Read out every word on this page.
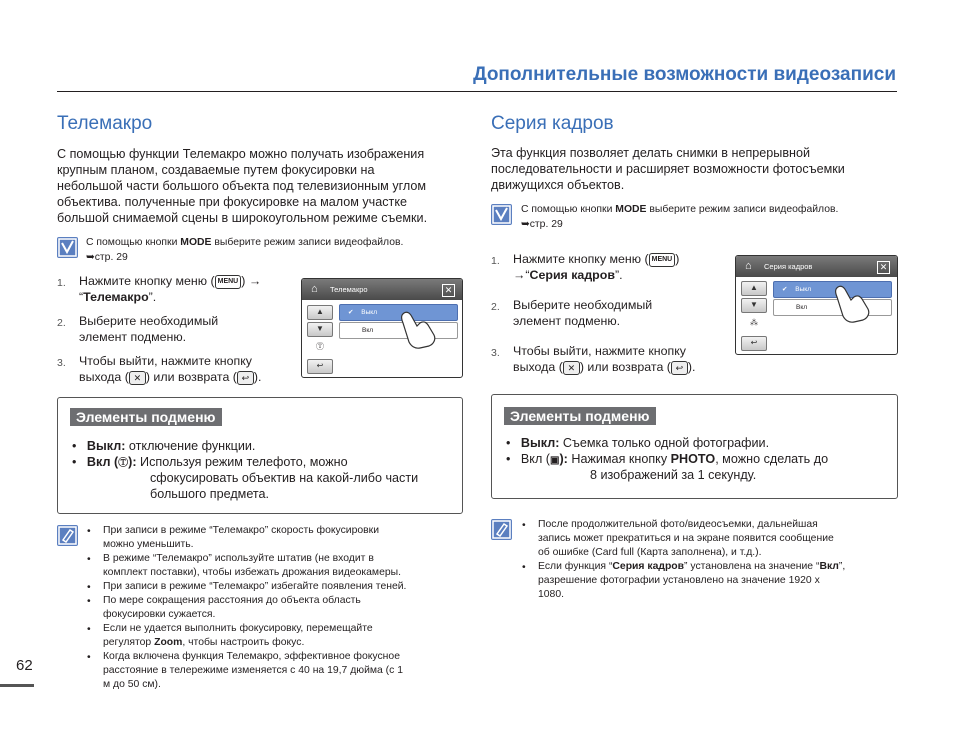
Дополнительные возможности видеозаписи
Телемакро
С помощью функции Телемакро можно получать изображения
крупным планом, создаваемые путем фокусировки на
небольшой части большого объекта под телевизионным углом
объектива. полученные при фокусировке на малом участке
большой снимаемой сцены в широкоугольном режиме съемки.
С помощью кнопки MODE выберите режим записи видеофайлов.
➥стр. 29
1. Нажмите кнопку меню ( MENU ) →
“Телемакро”.
2. Выберите необходимый
элемент подменю.
3. Чтобы выйти, нажмите кнопку
выхода ( ✕ ) или возврата ( ↩ ).
⌂ Телемакро	✕
▲
▼
✔ Выкл
Вкл
Ⓣ
↩
Элементы подменю
•   Выкл: отключение функции.
•   Вкл (Ⓣ): Используя режим телефото, можно
сфокусировать объектив на какой-либо части
большого предмета.
• При записи в режиме “Телемакро” скорость фокусировки
можно уменьшить.
• В режиме “Телемакро” используйте штатив (не входит в
комплект поставки), чтобы избежать дрожания видеокамеры.
• При записи в режиме “Телемакро” избегайте появления теней.
• По мере сокращения расстояния до объекта область
фокусировки сужается.
• Если не удается выполнить фокусировку, перемещайте
регулятор Zoom, чтобы настроить фокус.
• Когда включена функция Телемакро, эффективное фокусное
расстояние в телережиме изменяется с 40 на 19,7 дюйма (с 1
м до 50 см).
Серия кадров
Эта функция позволяет делать снимки в непрерывной
последовательности и расширяет возможности фотосъемки
движущихся объектов.
С помощью кнопки MODE выберите режим записи видеофайлов.
➥стр. 29
1. Нажмите кнопку меню ( MENU )
→“Серия кадров”.
2. Выберите необходимый
элемент подменю.
3. Чтобы выйти, нажмите кнопку
выхода ( ✕ ) или возврата ( ↩ ).
⌂ Серия кадров	✕
▲
▼
✔ Выкл
Вкл
⁂
↩
Элементы подменю
•   Выкл: Съемка только одной фотографии.
•   Вкл (▣): Нажимая кнопку PHOTO, можно сделать до
8 изображений за 1 секунду.
• После продолжительной фото/видеосъемки, дальнейшая
запись может прекратиться и на экране появится сообщение
об ошибке (Card full (Карта заполнена), и т.д.).
• Если функция “Серия кадров” установлена на значение “Вкл”,
разрешение фотографии установлено на значение 1920 x
1080.
62
